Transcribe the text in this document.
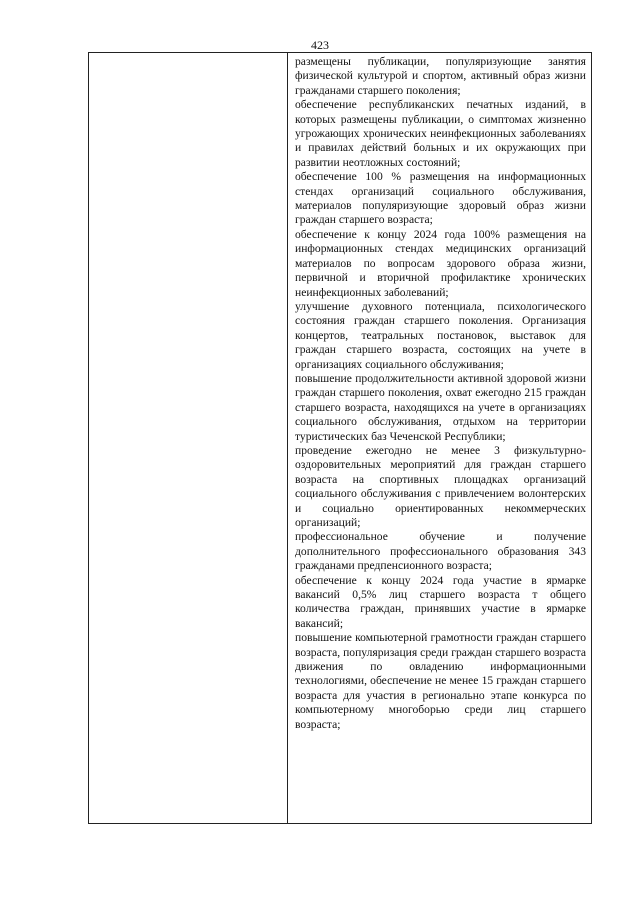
423

размещены публикации, популяризующие занятия физической культурой и спортом, активный образ жизни гражданами старшего поколения;

обеспечение республиканских печатных изданий, в которых размещены публикации, о симптомах жизненно угрожающих хронических неинфекционных заболеваниях и правилах действий больных и их окружающих при развитии неотложных состояний;

обеспечение 100 % размещения на информационных стендах организаций социального обслуживания, материалов популяризующие здоровый образ жизни граждан старшего возраста;

обеспечение к концу 2024 года 100% размещения на информационных стендах медицинских организаций материалов по вопросам здорового образа жизни, первичной и вторичной профилактике хронических неинфекционных заболеваний;

улучшение духовного потенциала, психологического состояния граждан старшего поколения. Организация концертов, театральных постановок, выставок для граждан старшего возраста, состоящих на учете в организациях социального обслуживания;

повышение продолжительности активной здоровой жизни граждан старшего поколения, охват ежегодно 215 граждан старшего возраста, находящихся на учете в организациях социального обслуживания, отдыхом на территории туристических баз Чеченской Республики;

проведение ежегодно не менее 3 физкультурно-оздоровительных мероприятий для граждан старшего возраста на спортивных площадках организаций социального обслуживания с привлечением волонтерских и социально ориентированных некоммерческих организаций;

профессиональное обучение и получение дополнительного профессионального образования 343 гражданами предпенсионного возраста;

обеспечение к концу 2024 года участие в ярмарке вакансий 0,5% лиц старшего возраста т общего количества граждан, принявших участие в ярмарке вакансий;

повышение компьютерной грамотности граждан старшего возраста, популяризация среди граждан старшего возраста движения по овладению информационными технологиями, обеспечение не менее 15 граждан старшего возраста для участия в регионально этапе конкурса по компьютерному многоборью среди лиц старшего возраста;
